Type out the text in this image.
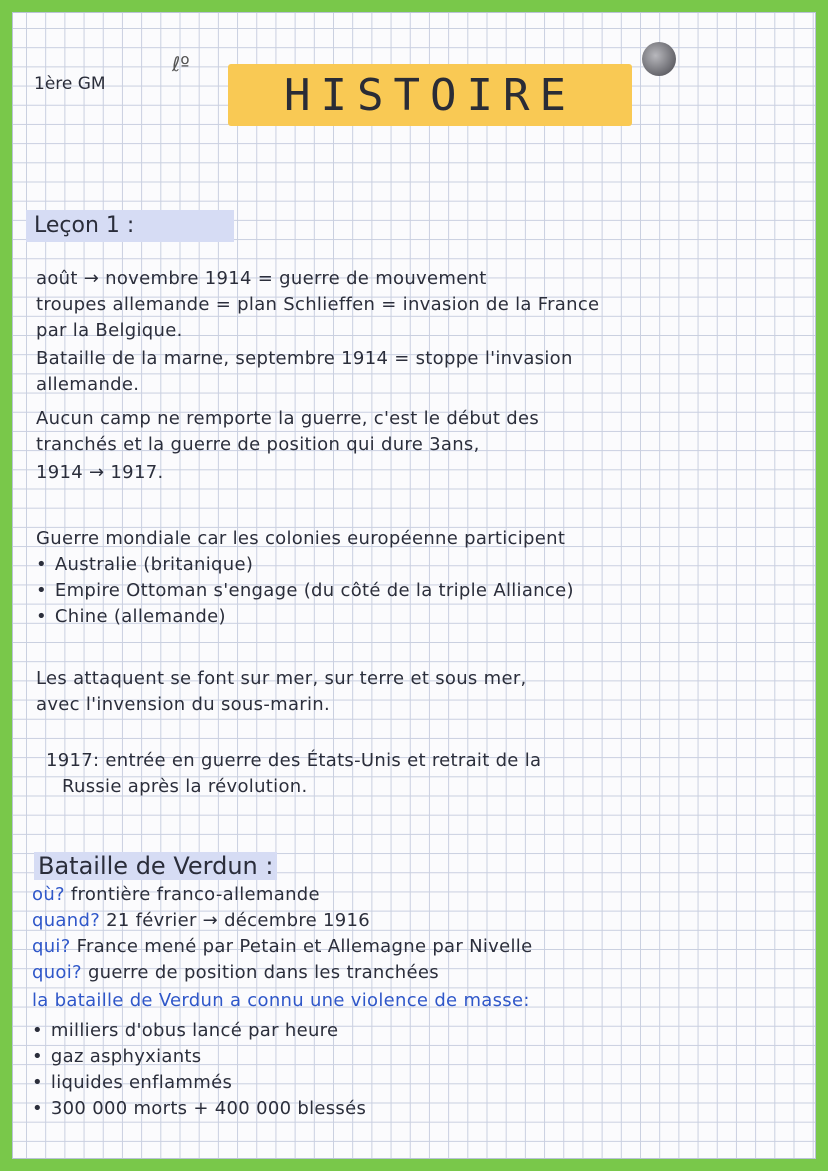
1ère GM
ℓº
HISTOIRE
Leçon 1 :
août → novembre 1914 = guerre de mouvement
troupes allemande = plan Schlieffen = invasion de la France
par la Belgique.
Bataille de la marne, septembre 1914 = stoppe l'invasion
allemande.
Aucun camp ne remporte la guerre, c'est le début des
tranchés et la guerre de position qui dure 3ans,
1914 → 1917.
Guerre mondiale car les colonies européenne participent
• Australie (britanique)
• Empire Ottoman s'engage (du côté de la triple Alliance)
• Chine (allemande)
Les attaquent se font sur mer, sur terre et sous mer,
avec l'invension du sous-marin.
1917: entrée en guerre des États-Unis et retrait de la
Russie après la révolution.
Bataille de Verdun :
où? frontière franco-allemande
quand? 21 février → décembre 1916
qui? France mené par Petain et Allemagne par Nivelle
quoi? guerre de position dans les tranchées
la bataille de Verdun a connu une violence de masse:
• milliers d'obus lancé par heure
• gaz asphyxiants
• liquides enflammés
• 300 000 morts + 400 000 blessés
